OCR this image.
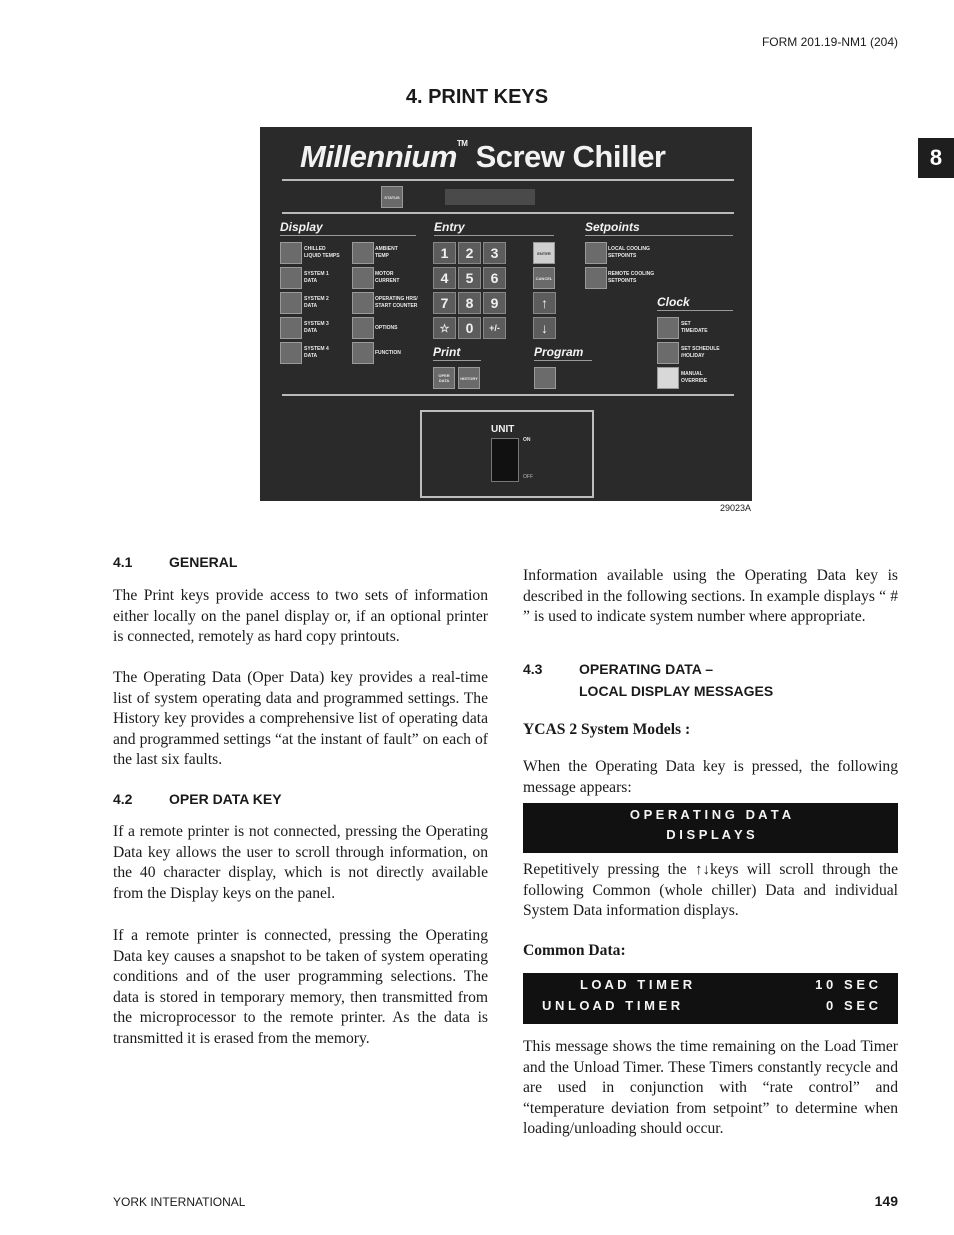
FORM 201.19-NM1 (204)
4. PRINT KEYS
8
Millennium™ Screw Chiller
STATUS
Display	Entry	Setpoints
CHILLED
LIQUID TEMPS
SYSTEM 1
DATA
SYSTEM 2
DATA
SYSTEM 3
DATA
SYSTEM 4
DATA
AMBIENT
TEMP
MOTOR
CURRENT
OPERATING HRS/
START COUNTER
OPTIONS
FUNCTION
1	2	3
4	5	6
7	8	9
☆	0	+/-
ENTER
CANCEL
↑
↓
LOCAL COOLING
SETPOINTS
REMOTE COOLING
SETPOINTS
Clock
SET
TIME/DATE
SET SCHEDULE
/HOLIDAY
MANUAL
OVERRIDE
Print
OPER DATA	HISTORY
Program
UNIT
ON
OFF
29023A
4.1	GENERAL

The Print keys provide access to two sets of information either locally on the panel display or, if an optional printer is connected, remotely as hard copy printouts.

The Operating Data (Oper Data) key provides a real-time list of system operating data and programmed settings. The History key provides a comprehensive list of operating data and programmed settings “at the instant of fault” on each of the last six faults.

4.2	OPER DATA KEY

If a remote printer is not connected, pressing the Operating Data key allows the user to scroll through information, on the 40 character display, which is not directly available from the Display keys on the panel.

If a remote printer is connected, pressing the Operating Data key causes a snapshot to be taken of system operating conditions and of the user programming selections. The data is stored in temporary memory, then transmitted from the microprocessor to the remote printer. As the data is transmitted it is erased from the memory.

Information available using the Operating Data key is described in the following sections. In example displays “ # ” is used to indicate system number where appropriate.

4.3	OPERATING DATA –
LOCAL DISPLAY MESSAGES
YCAS 2 System Models :

When the Operating Data key is pressed, the following message appears:

O P E R A T I N G   D A T A
D I S P L A Y S

Repetitively pressing the ↑↓keys will scroll through the following Common (whole chiller) Data and individual System Data information displays.

Common Data:
L O A D   T I M E R	1 0   S E C
U N L O A D   T I M E R	0   S E C

This message shows the time remaining on the Load Timer and the Unload Timer. These Timers constantly recycle and are used in conjunction with “rate control” and “temperature deviation from setpoint” to determine when loading/unloading should occur.

YORK INTERNATIONAL	149
